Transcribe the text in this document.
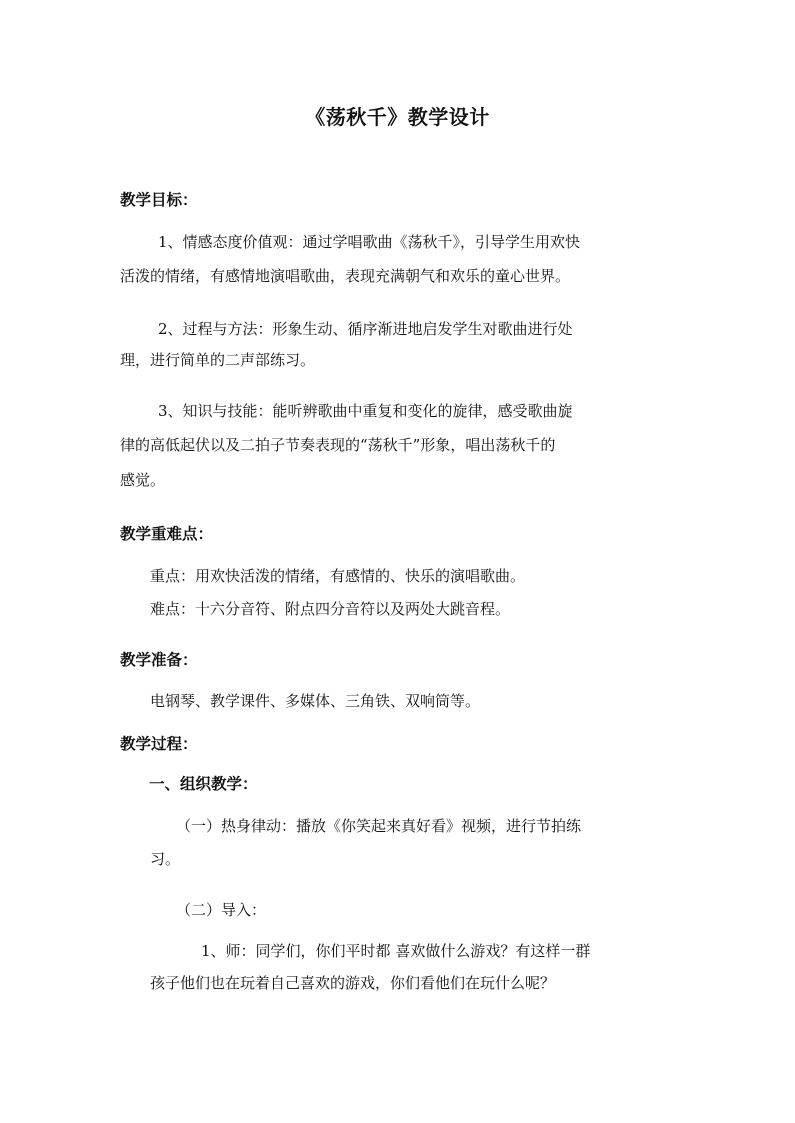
《荡秋千》教学设计
教学目标：
1、情感态度价值观：通过学唱歌曲《荡秋千》，引导学生用欢快
活泼的情绪，有感情地演唱歌曲，表现充满朝气和欢乐的童心世界。
2、过程与方法：形象生动、循序渐进地启发学生对歌曲进行处
理，进行简单的二声部练习。
3、知识与技能：能听辨歌曲中重复和变化的旋律，感受歌曲旋
律的高低起伏以及二拍子节奏表现的“荡秋千”形象，唱出荡秋千的
感觉。
教学重难点：
重点：用欢快活泼的情绪，有感情的、快乐的演唱歌曲。
难点：十六分音符、附点四分音符以及两处大跳音程。
教学准备：
电钢琴、教学课件、多媒体、三角铁、双响筒等。
教学过程：
一、组织教学：
（一）热身律动：播放《你笑起来真好看》视频，进行节拍练
习。
（二）导入：
1、师：同学们，你们平时都 喜欢做什么游戏？有这样一群
孩子他们也在玩着自己喜欢的游戏，你们看他们在玩什么呢？
